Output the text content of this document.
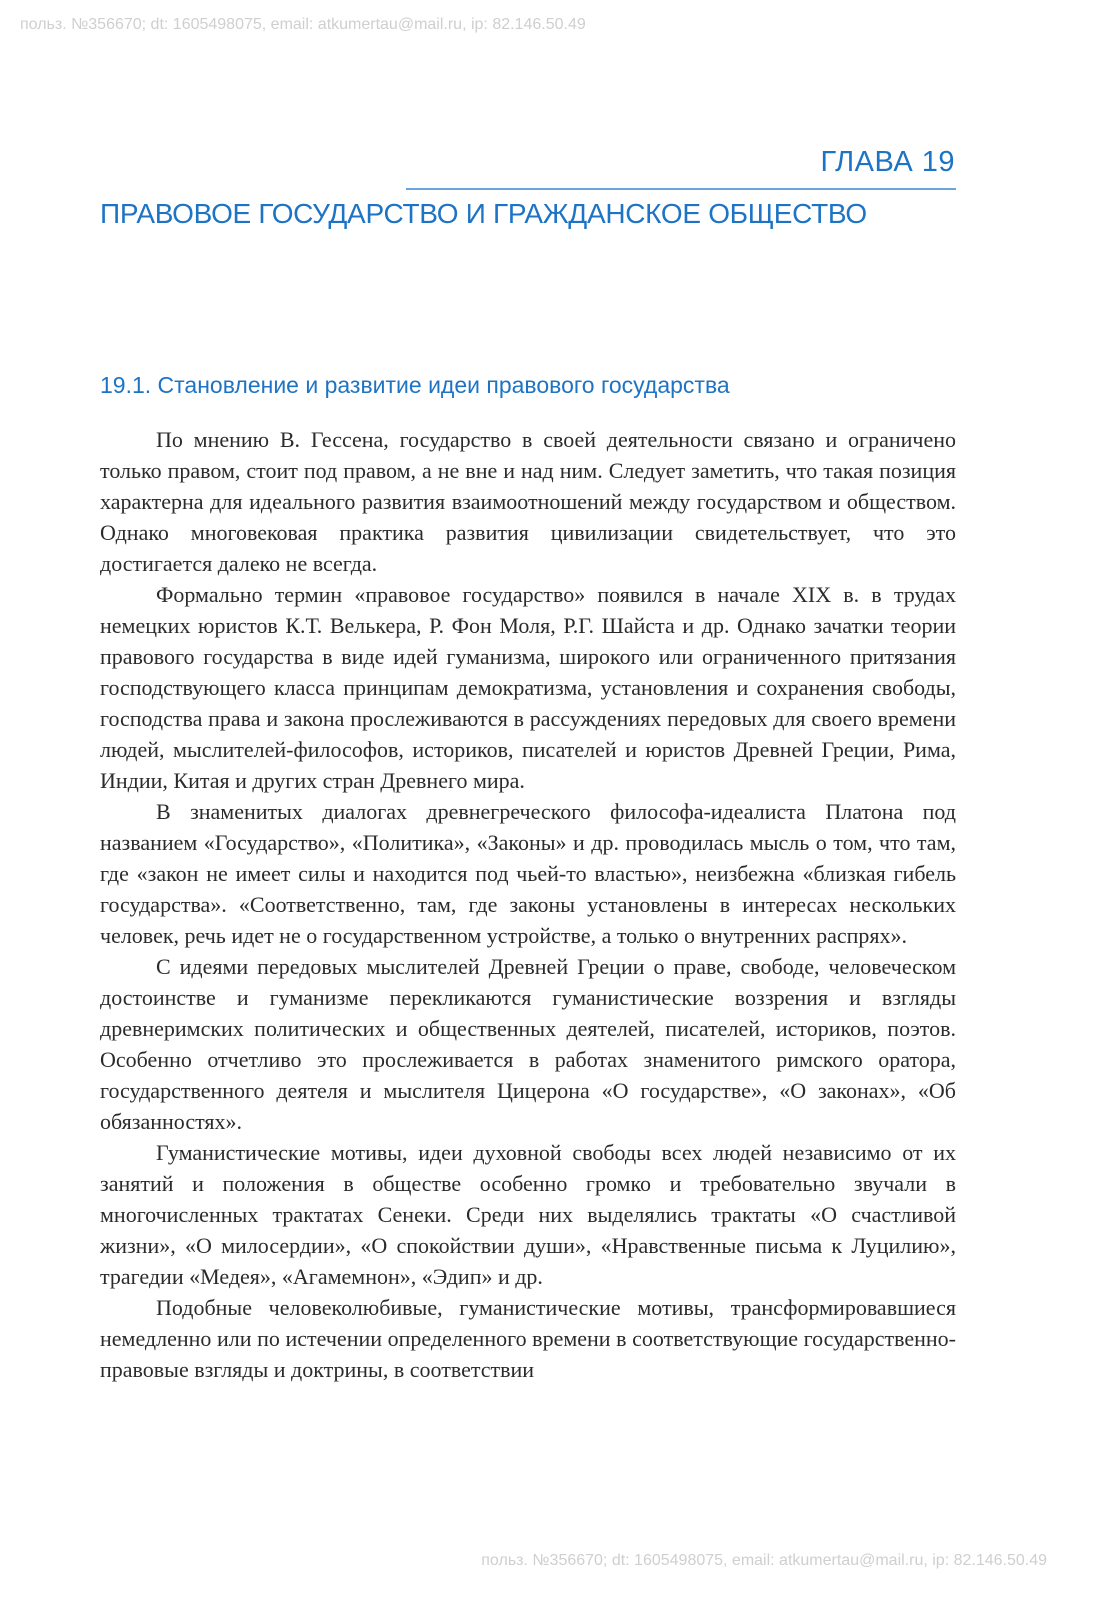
польз. №356670; dt: 1605498075, email: atkumertau@mail.ru, ip: 82.146.50.49
ГЛАВА 19
ПРАВОВОЕ ГОСУДАРСТВО И ГРАЖДАНСКОЕ ОБЩЕСТВО
19.1. Становление и развитие идеи правового государства

По мнению В. Гессена, государство в своей деятельности связано и ограничено только правом, стоит под правом, а не вне и над ним. Следует заметить, что такая позиция характерна для идеального развития взаимоотношений между государством и обществом. Однако многовековая практика развития цивилизации свидетельствует, что это достигается далеко не всегда.

Формально термин «правовое государство» появился в начале XIX в. в трудах немецких юристов К.Т. Велькера, Р. Фон Моля, Р.Г. Шайста и др. Однако зачатки теории правового государства в виде идей гуманизма, широкого или ограниченного притязания господствующего класса принципам демократизма, установления и сохранения свободы, господства права и закона прослеживаются в рассуждениях передовых для своего времени людей, мыслителей-философов, историков, писателей и юристов Древней Греции, Рима, Индии, Китая и других стран Древнего мира.

В знаменитых диалогах древнегреческого философа-идеалиста Платона под названием «Государство», «Политика», «Законы» и др. проводилась мысль о том, что там, где «закон не имеет силы и находится под чьей-то властью», неизбежна «близкая гибель государства». «Соответственно, там, где законы установлены в интересах нескольких человек, речь идет не о государственном устройстве, а только о внутренних распрях».

С идеями передовых мыслителей Древней Греции о праве, свободе, человеческом достоинстве и гуманизме перекликаются гуманистические воззрения и взгляды древнеримских политических и общественных деятелей, писателей, историков, поэтов. Особенно отчетливо это прослеживается в работах знаменитого римского оратора, государственного деятеля и мыслителя Цицерона «О государстве», «О законах», «Об обязанностях».

Гуманистические мотивы, идеи духовной свободы всех людей независимо от их занятий и положения в обществе особенно громко и требовательно звучали в многочисленных трактатах Сенеки. Среди них выделялись трактаты «О счастливой жизни», «О милосердии», «О спокойствии души», «Нравственные письма к Луцилию», трагедии «Медея», «Агамемнон», «Эдип» и др.

Подобные человеколюбивые, гуманистические мотивы, трансформировавшиеся немедленно или по истечении определенного времени в соответствующие государственно-правовые взгляды и доктрины, в соответствии

польз. №356670; dt: 1605498075, email: atkumertau@mail.ru, ip: 82.146.50.49
